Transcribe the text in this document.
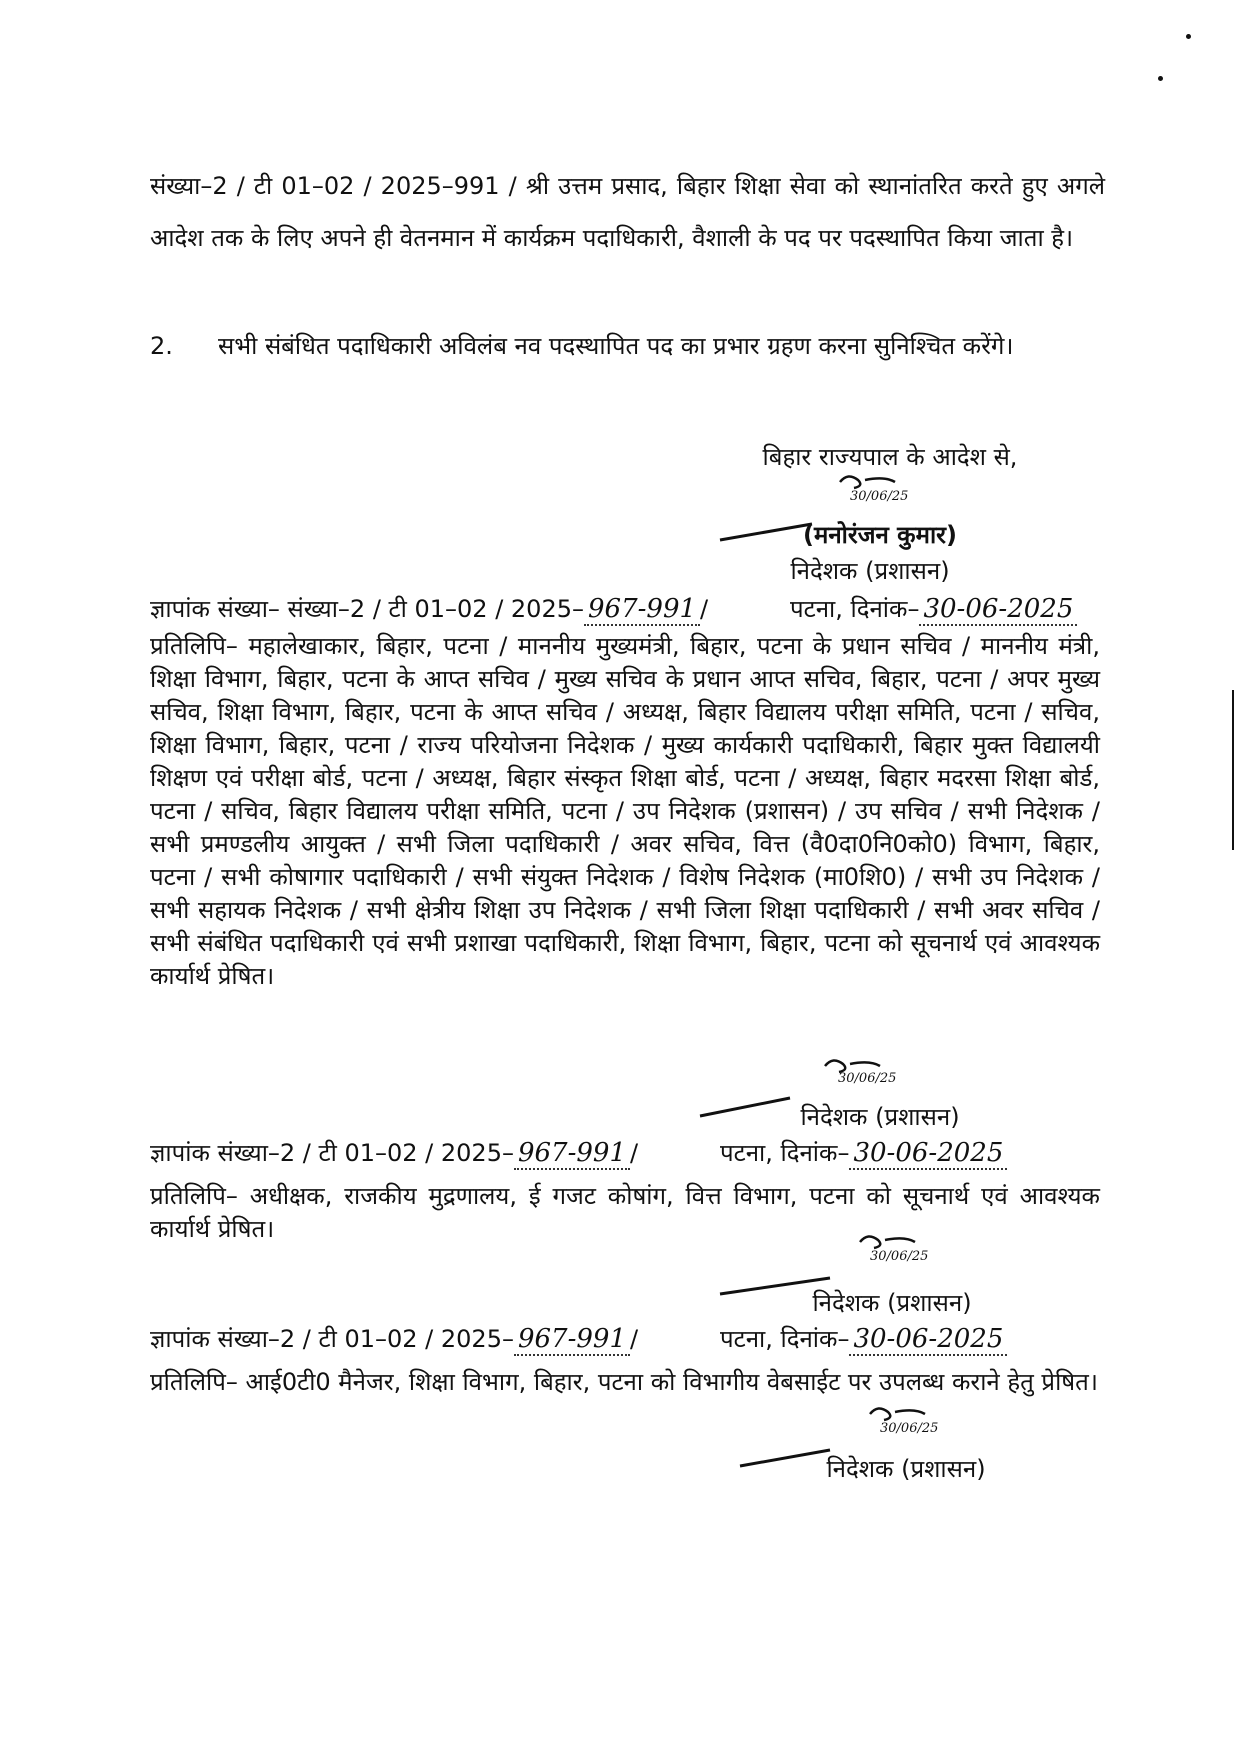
संख्या–2 / टी 01–02 / 2025–991 / श्री उत्तम प्रसाद, बिहार शिक्षा सेवा को स्थानांतरित करते हुए अगले आदेश तक के लिए अपने ही वेतनमान में कार्यक्रम पदाधिकारी, वैशाली के पद पर पदस्थापित किया जाता है।
2. सभी संबंधित पदाधिकारी अविलंब नव पदस्थापित पद का प्रभार ग्रहण करना सुनिश्चित करेंगे।
बिहार राज्यपाल के आदेश से,
30/06/25
(मनोरंजन कुमार)
निदेशक (प्रशासन)
ज्ञापांक संख्या– संख्या–2 / टी 01–02 / 2025– 967-991 /	पटना, दिनांक– 30-06-2025
प्रतिलिपि– महालेखाकार, बिहार, पटना / माननीय मुख्यमंत्री, बिहार, पटना के प्रधान सचिव / माननीय मंत्री, शिक्षा विभाग, बिहार, पटना के आप्त सचिव / मुख्य सचिव के प्रधान आप्त सचिव, बिहार, पटना / अपर मुख्य सचिव, शिक्षा विभाग, बिहार, पटना के आप्त सचिव / अध्यक्ष, बिहार विद्यालय परीक्षा समिति, पटना / सचिव, शिक्षा विभाग, बिहार, पटना / राज्य परियोजना निदेशक / मुख्य कार्यकारी पदाधिकारी, बिहार मुक्त विद्यालयी शिक्षण एवं परीक्षा बोर्ड, पटना / अध्यक्ष, बिहार संस्कृत शिक्षा बोर्ड, पटना / अध्यक्ष, बिहार मदरसा शिक्षा बोर्ड, पटना / सचिव, बिहार विद्यालय परीक्षा समिति, पटना / उप निदेशक (प्रशासन) / उप सचिव / सभी निदेशक / सभी प्रमण्डलीय आयुक्त / सभी जिला पदाधिकारी / अवर सचिव, वित्त (वै0दा0नि0को0) विभाग, बिहार, पटना / सभी कोषागार पदाधिकारी / सभी संयुक्त निदेशक / विशेष निदेशक (मा0शि0) / सभी उप निदेशक / सभी सहायक निदेशक / सभी क्षेत्रीय शिक्षा उप निदेशक / सभी जिला शिक्षा पदाधिकारी / सभी अवर सचिव / सभी संबंधित पदाधिकारी एवं सभी प्रशाखा पदाधिकारी, शिक्षा विभाग, बिहार, पटना को सूचनार्थ एवं आवश्यक कार्यार्थ प्रेषित।
30/06/25
निदेशक (प्रशासन)
ज्ञापांक संख्या–2 / टी 01–02 / 2025– 967-991 /	पटना, दिनांक– 30-06-2025
प्रतिलिपि– अधीक्षक, राजकीय मुद्रणालय, ई गजट कोषांग, वित्त विभाग, पटना को सूचनार्थ एवं आवश्यक कार्यार्थ प्रेषित।
30/06/25
निदेशक (प्रशासन)
ज्ञापांक संख्या–2 / टी 01–02 / 2025– 967-991 /	पटना, दिनांक– 30-06-2025
प्रतिलिपि– आई0टी0 मैनेजर, शिक्षा विभाग, बिहार, पटना को विभागीय वेबसाईट पर उपलब्ध कराने हेतु प्रेषित।
30/06/25
निदेशक (प्रशासन)
